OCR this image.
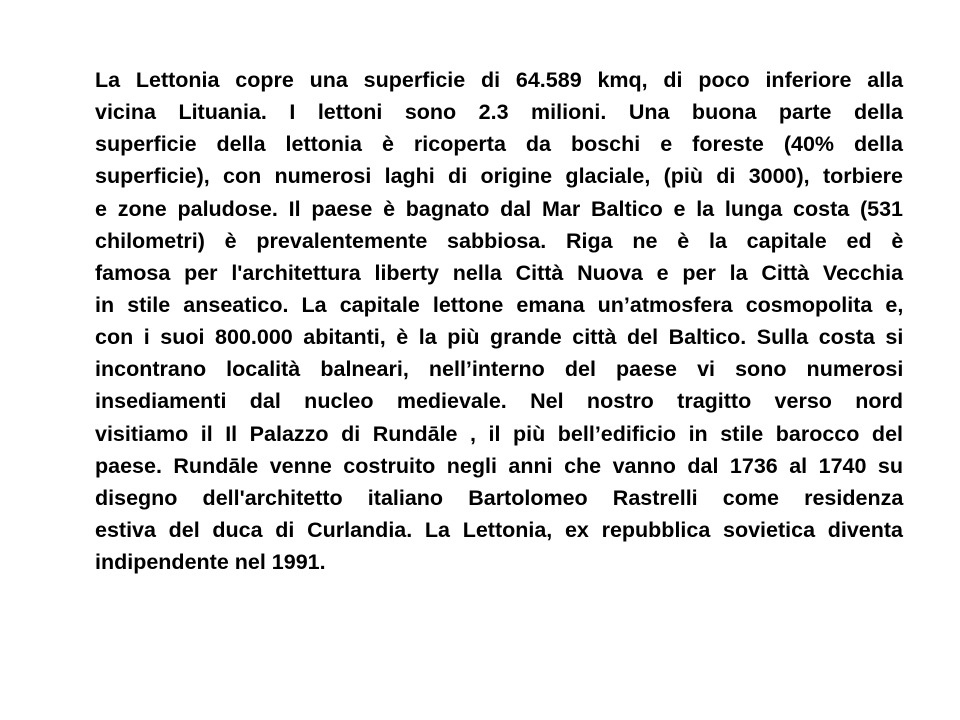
La Lettonia copre una superficie di 64.589 kmq, di poco inferiore alla
vicina Lituania. I lettoni sono 2.3 milioni. Una buona parte della
superficie della lettonia è ricoperta da boschi e foreste (40% della
superficie), con numerosi laghi di origine glaciale, (più di 3000), torbiere
e zone paludose. Il paese è bagnato dal Mar Baltico e la lunga costa (531
chilometri) è prevalentemente sabbiosa. Riga ne è la capitale ed è
famosa per l'architettura liberty nella Città Nuova e per la Città Vecchia
in stile anseatico. La capitale lettone emana un’atmosfera cosmopolita e,
con i suoi 800.000 abitanti, è la più grande città del Baltico. Sulla costa si
incontrano località balneari, nell’interno del paese vi sono numerosi
insediamenti dal nucleo medievale. Nel nostro tragitto verso nord
visitiamo il Il Palazzo di Rundāle , il più bell’edificio in stile barocco del
paese. Rundāle venne costruito negli anni che vanno dal 1736 al 1740 su
disegno dell'architetto italiano Bartolomeo Rastrelli come residenza
estiva del duca di Curlandia. La Lettonia, ex repubblica sovietica diventa
indipendente nel 1991.
